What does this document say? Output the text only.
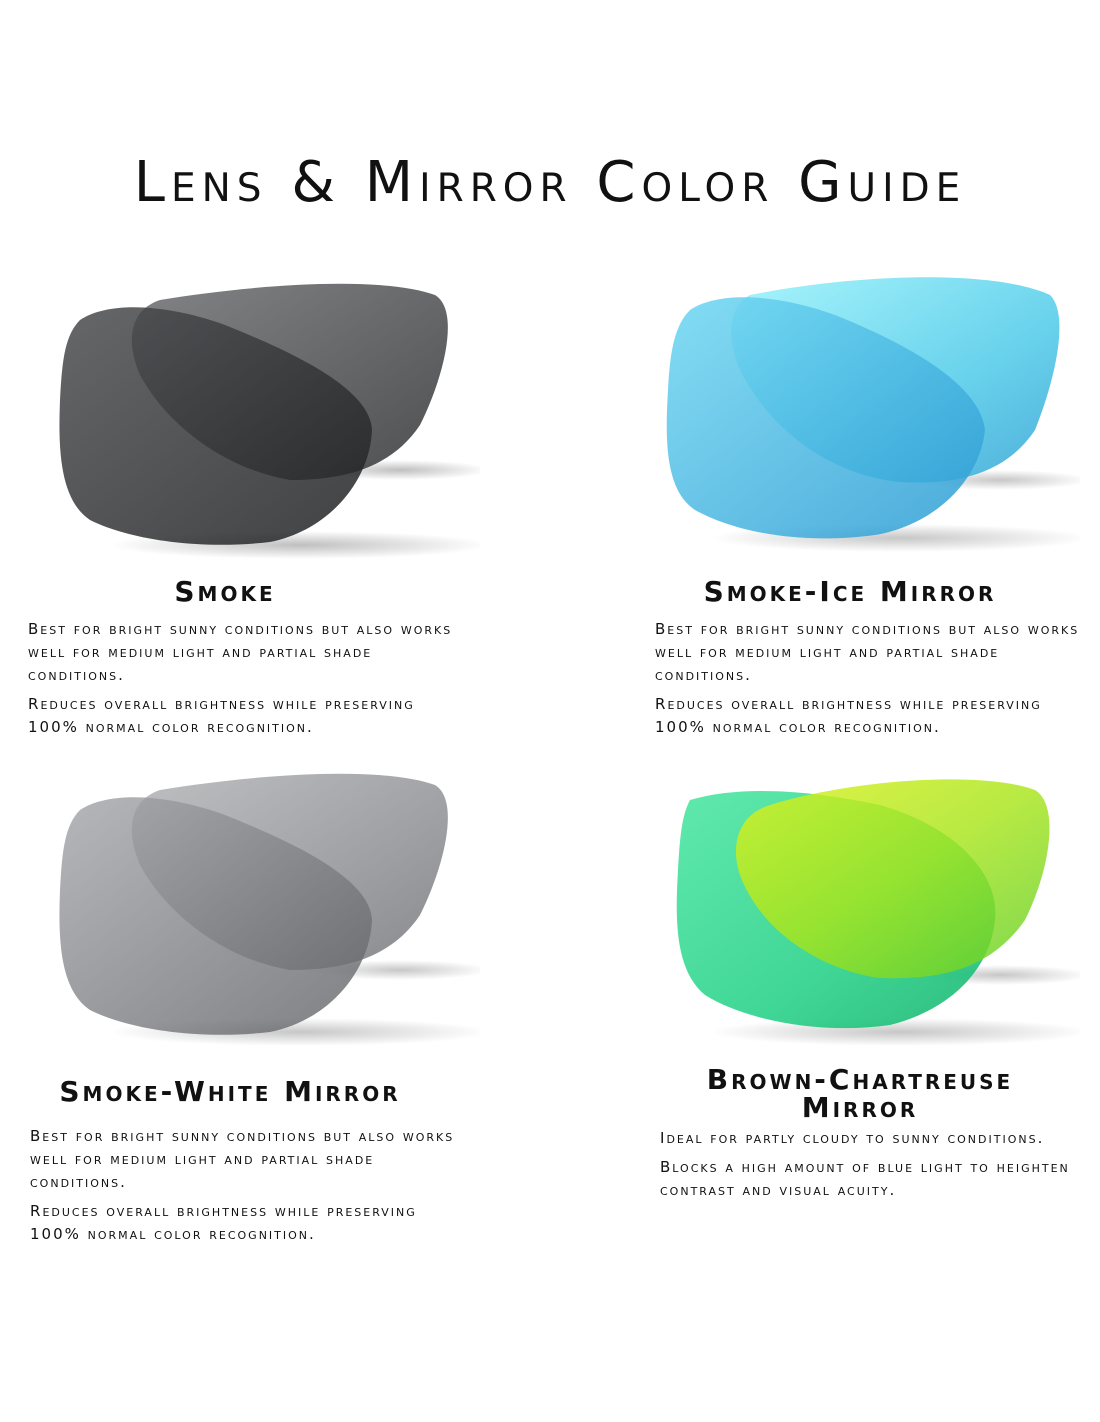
Lens & Mirror Color Guide
Smoke

Best for bright sunny conditions but also works well for medium light and partial shade conditions.

Reduces overall brightness while preserving 100% normal color recognition.

Smoke-Ice Mirror

Best for bright sunny conditions but also works well for medium light and partial shade conditions.

Reduces overall brightness while preserving 100% normal color recognition.

Smoke-White Mirror

Best for bright sunny conditions but also works well for medium light and partial shade conditions.

Reduces overall brightness while preserving 100% normal color recognition.

Brown-Chartreuse Mirror

Ideal for partly cloudy to sunny conditions.

Blocks a high amount of blue light to heighten contrast and visual acuity.
